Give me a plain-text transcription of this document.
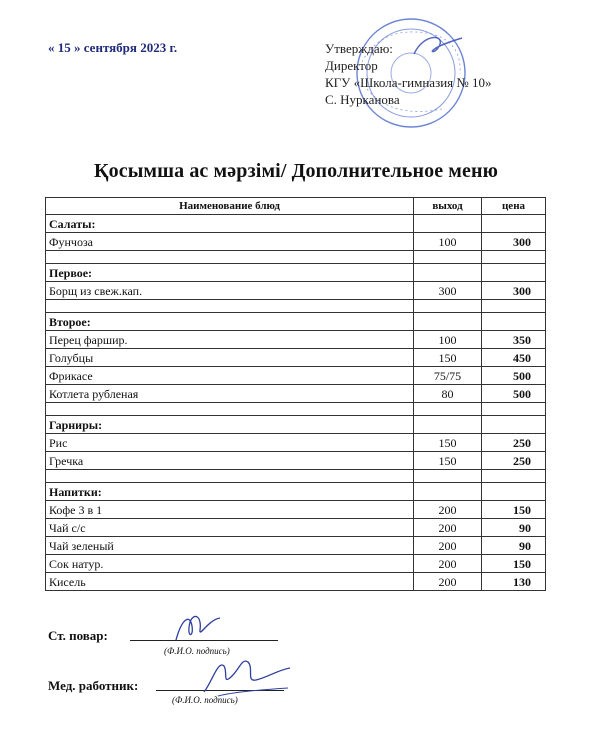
« 15 » сентября 2023 г.	Утверждаю:
Директор
КГУ «Школа-гимназия № 10»
С. Нурканова
Қосымша ас мәрзімі/ Дополнительное меню
Наименование блюд	выход	цена
Салаты:		
Фунчоза	100	300

Первое:		
Борщ из свеж.кап.	300	300

Второе:		
Перец фаршир.	100	350
Голубцы	150	450
Фрикасе	75/75	500
Котлета рубленая	80	500

Гарниры:		
Рис	150	250
Гречка	150	250

Напитки:		
Кофе 3 в 1	200	150
Чай с/с	200	90
Чай зеленый	200	90
Сок натур.	200	150
Кисель	200	130
Ст. повар:
(Ф.И.О. подпись)
Мед. работник:
(Ф.И.О. подпись)
